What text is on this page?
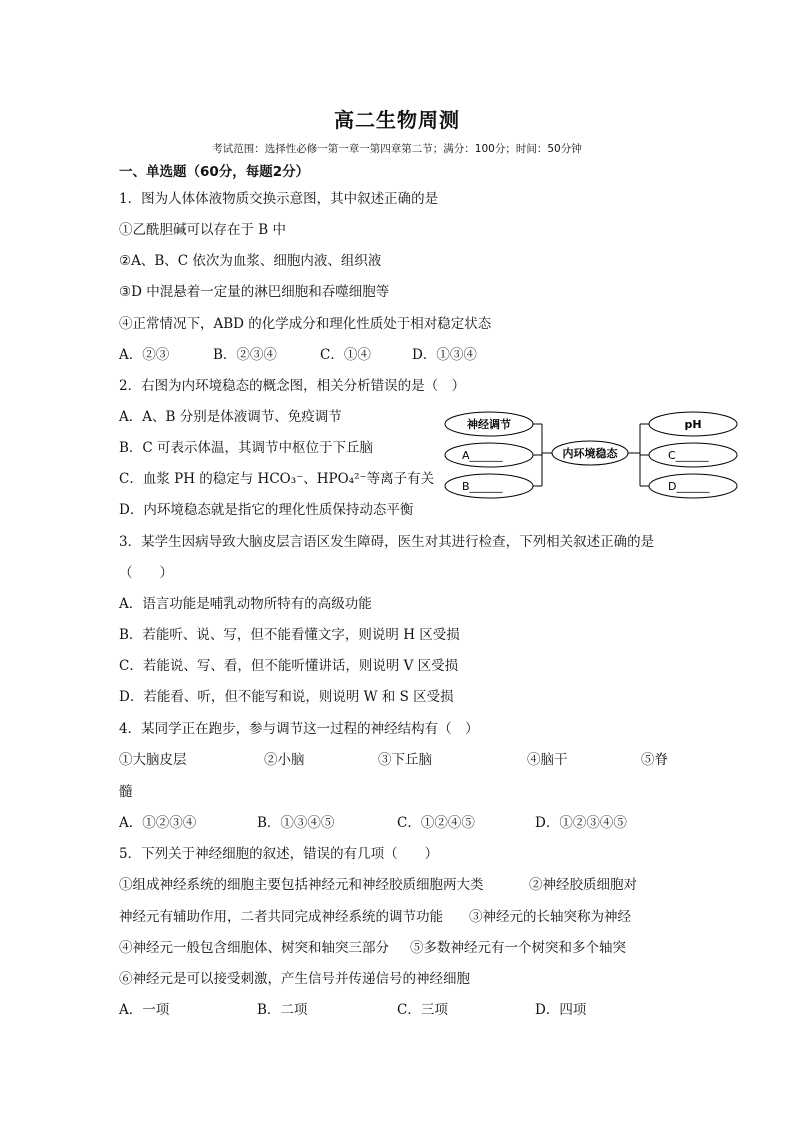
高二生物周测
考试范围：选择性必修一第一章一第四章第二节；满分：100分；时间：50分钟
一、单选题（60分，每题2分）
1．图为人体体液物质交换示意图，其中叙述正确的是
①乙酰胆碱可以存在于 B 中
②A、B、C 依次为血浆、细胞内液、组织液
③D 中混悬着一定量的淋巴细胞和吞噬细胞等
④正常情况下，ABD 的化学成分和理化性质处于相对稳定状态
A．②③	B．②③④	C．①④	D．①③④
2．右图为内环境稳态的概念图，相关分析错误的是（　）
A．A、B 分别是体液调节、免疫调节
B．C 可表示体温，其调节中枢位于下丘脑
C．血浆 PH 的稳定与 HCO₃⁻、HPO₄²⁻等离子有关
D．内环境稳态就是指它的理化性质保持动态平衡
神经调节
A______
B______
内环境稳态
pH
C______
D______
3．某学生因病导致大脑皮层言语区发生障碍，医生对其进行检查，下列相关叙述正确的是
（　　）
A．语言功能是哺乳动物所特有的高级功能
B．若能听、说、写，但不能看懂文字，则说明 H 区受损
C．若能说、写、看，但不能听懂讲话，则说明 V 区受损
D．若能看、听，但不能写和说，则说明 W 和 S 区受损
4．某同学正在跑步，参与调节这一过程的神经结构有（　）
①大脑皮层	②小脑	③下丘脑	④脑干	⑤脊
髓
A．①②③④	B．①③④⑤	C．①②④⑤	D．①②③④⑤
5．下列关于神经细胞的叙述，错误的有几项（　　）
①组成神经系统的细胞主要包括神经元和神经胶质细胞两大类	②神经胶质细胞对
神经元有辅助作用，二者共同完成神经系统的调节功能 ③神经元的长轴突称为神经
④神经元一般包含细胞体、树突和轴突三部分 ⑤多数神经元有一个树突和多个轴突
⑥神经元是可以接受刺激，产生信号并传递信号的神经细胞
A．一项	B．二项	C．三项	D．四项
